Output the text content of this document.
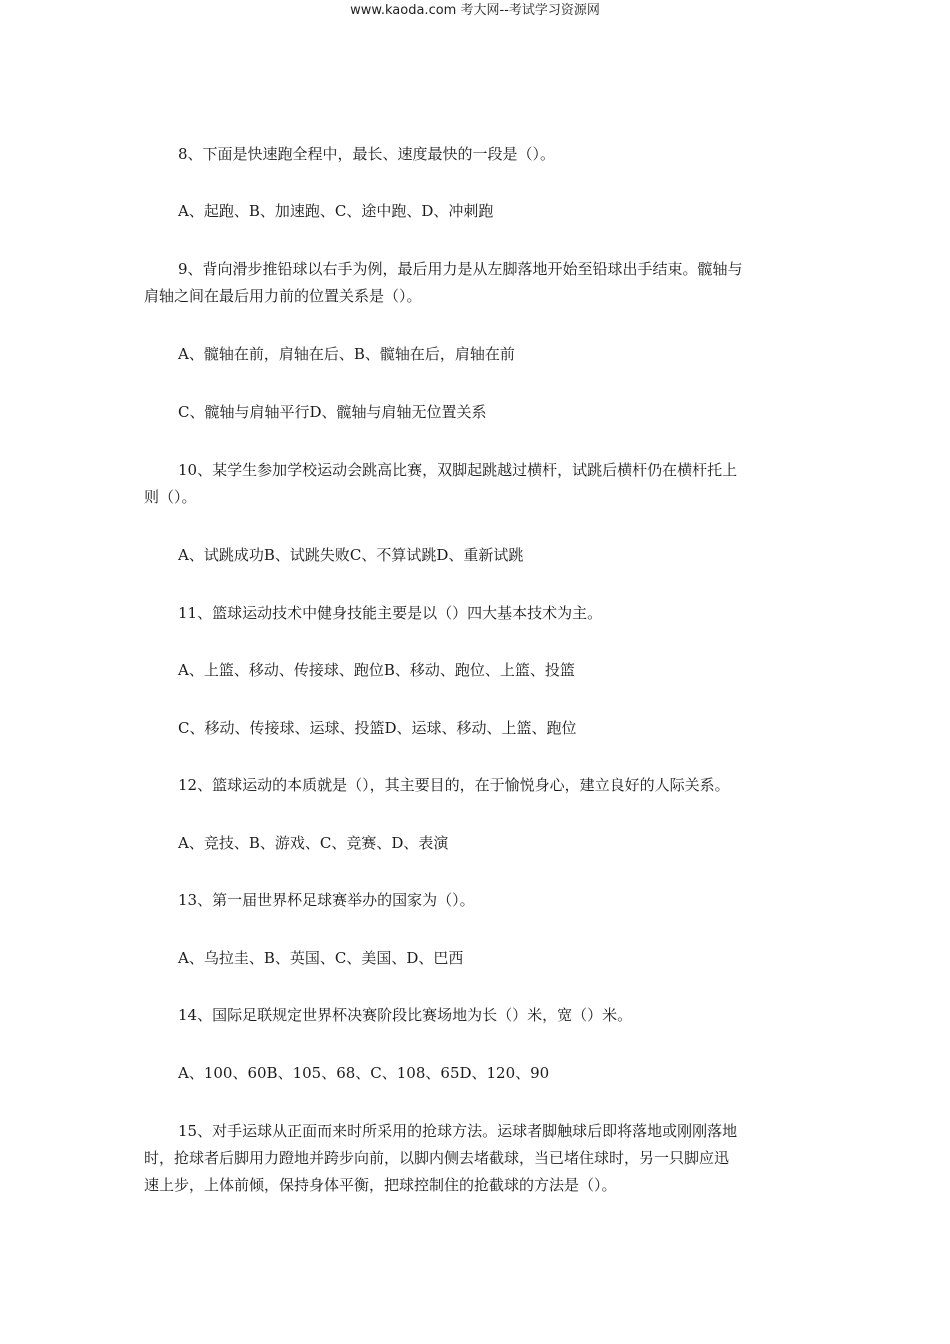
www.kaoda.com 考大网--考试学习资源网

8、下面是快速跑全程中，最长、速度最快的一段是（）。

A、起跑、B、加速跑、C、途中跑、D、冲刺跑

9、背向滑步推铅球以右手为例，最后用力是从左脚落地开始至铅球出手结束。髋轴与
肩轴之间在最后用力前的位置关系是（）。

A、髋轴在前，肩轴在后、B、髋轴在后，肩轴在前

C、髋轴与肩轴平行D、髋轴与肩轴无位置关系

10、某学生参加学校运动会跳高比赛，双脚起跳越过横杆，试跳后横杆仍在横杆托上
则（）。

A、试跳成功B、试跳失败C、不算试跳D、重新试跳

11、篮球运动技术中健身技能主要是以（）四大基本技术为主。

A、上篮、移动、传接球、跑位B、移动、跑位、上篮、投篮

C、移动、传接球、运球、投篮D、运球、移动、上篮、跑位

12、篮球运动的本质就是（），其主要目的，在于愉悦身心，建立良好的人际关系。

A、竞技、B、游戏、C、竞赛、D、表演

13、第一届世界杯足球赛举办的国家为（）。

A、乌拉圭、B、英国、C、美国、D、巴西

14、国际足联规定世界杯决赛阶段比赛场地为长（）米，宽（）米。

A、100、60B、105、68、C、108、65D、120、90

15、对手运球从正面而来时所采用的抢球方法。运球者脚触球后即将落地或刚刚落地
时，抢球者后脚用力蹬地并跨步向前，以脚内侧去堵截球，当已堵住球时，另一只脚应迅
速上步，上体前倾，保持身体平衡，把球控制住的抢截球的方法是（）。
